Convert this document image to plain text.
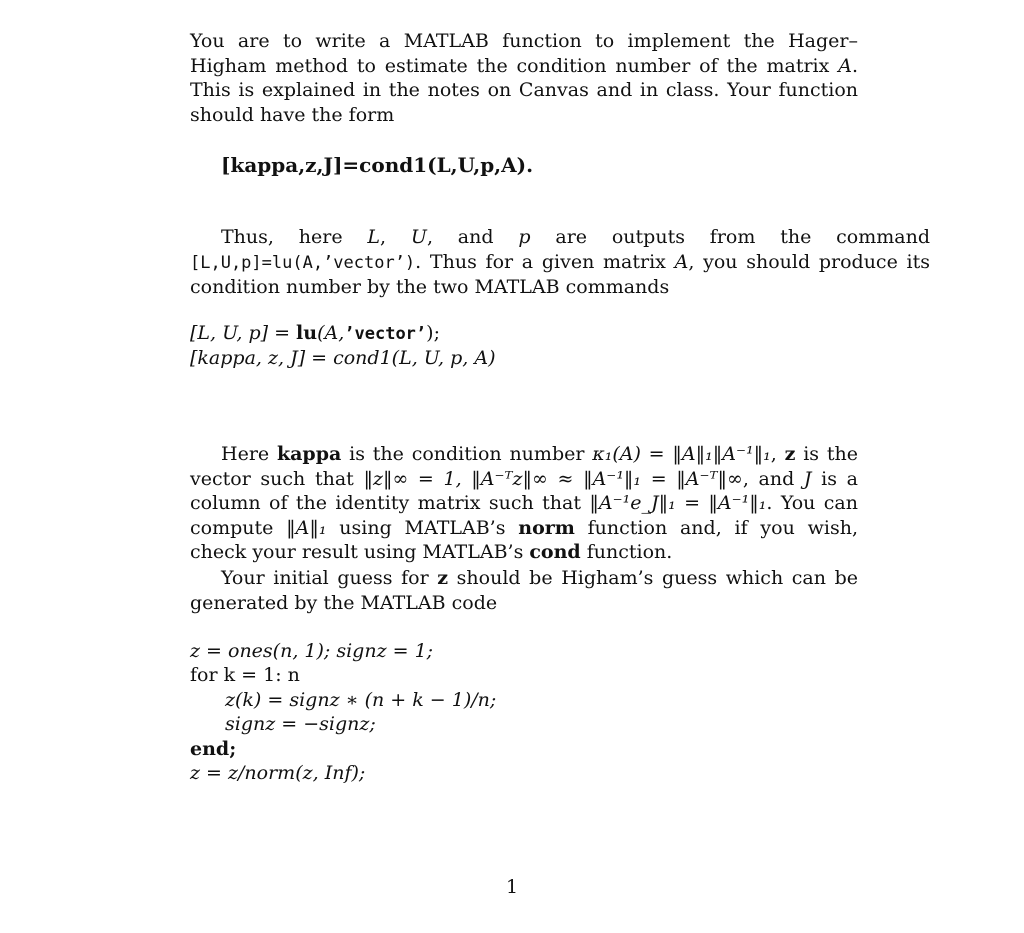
You are to write a MATLAB function to implement the Hager–Higham method to estimate the condition number of the matrix A. This is explained in the notes on Canvas and in class. Your function should have the form

[kappa,z,J]=cond1(L,U,p,A).

Thus, here L, U, and p are outputs from the command [L,U,p]=lu(A,’vector’). Thus for a given matrix A, you should produce its condition number by the two MATLAB commands

[L, U, p] = lu(A,’vector’);

[kappa, z, J] = cond1(L, U, p, A)

Here kappa is the condition number κ₁(A) = ‖A‖₁‖A⁻¹‖₁, z is the vector such that ‖z‖∞ = 1, ‖A⁻ᵀz‖∞ ≈ ‖A⁻¹‖₁ = ‖A⁻ᵀ‖∞, and J is a column of the identity matrix such that ‖A⁻¹e_J‖₁ = ‖A⁻¹‖₁. You can compute ‖A‖₁ using MATLAB’s norm function and, if you wish, check your result using MATLAB’s cond function.

Your initial guess for z should be Higham’s guess which can be generated by the MATLAB code

z = ones(n, 1); signz = 1;

for k = 1: n

z(k) = signz ∗ (n + k − 1)/n;

signz = −signz;

end;

z = z/norm(z, Inf);

1
